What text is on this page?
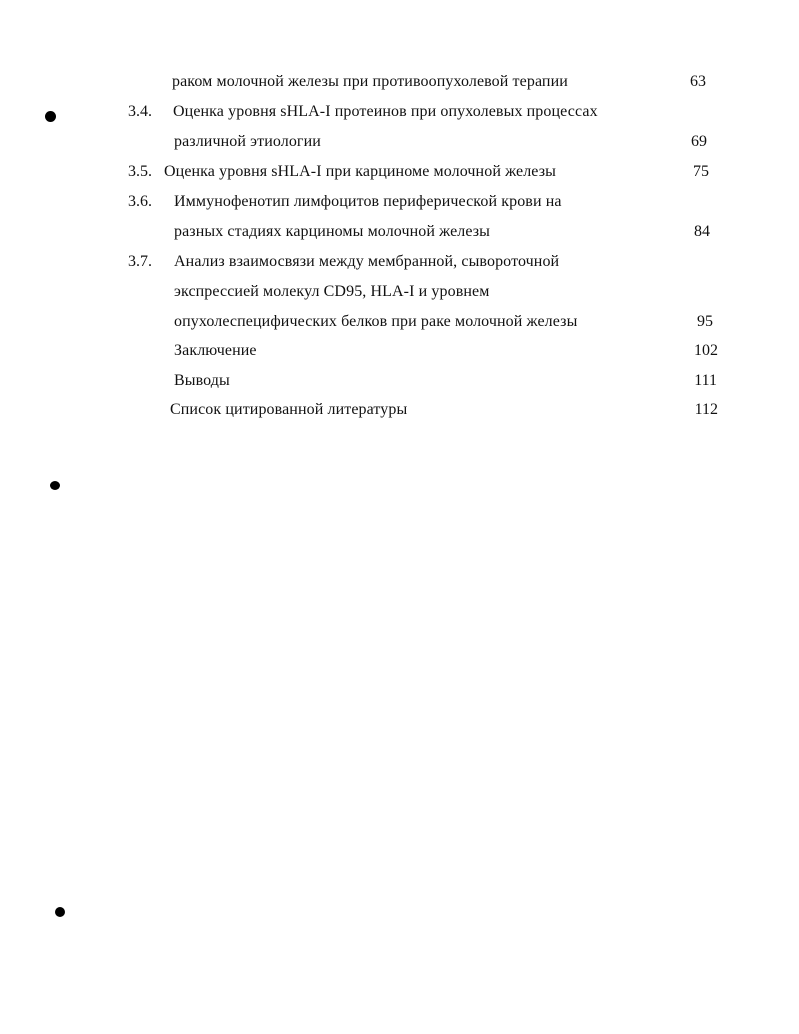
раком молочной железы при противоопухолевой терапии	63
3.4. Оценка уровня sHLA-I протеинов при опухолевых процессах
различной этиологии	69
3.5. Оценка уровня sHLA-I при карциноме молочной железы	75
3.6. Иммунофенотип лимфоцитов периферической крови на
разных стадиях карциномы молочной железы	84
3.7. Анализ взаимосвязи между мембранной, сывороточной
экспрессией молекул CD95, HLA-I и уровнем
опухолеспецифических белков при раке молочной железы	95
Заключение	102
Выводы	111
Список цитированной литературы	112
